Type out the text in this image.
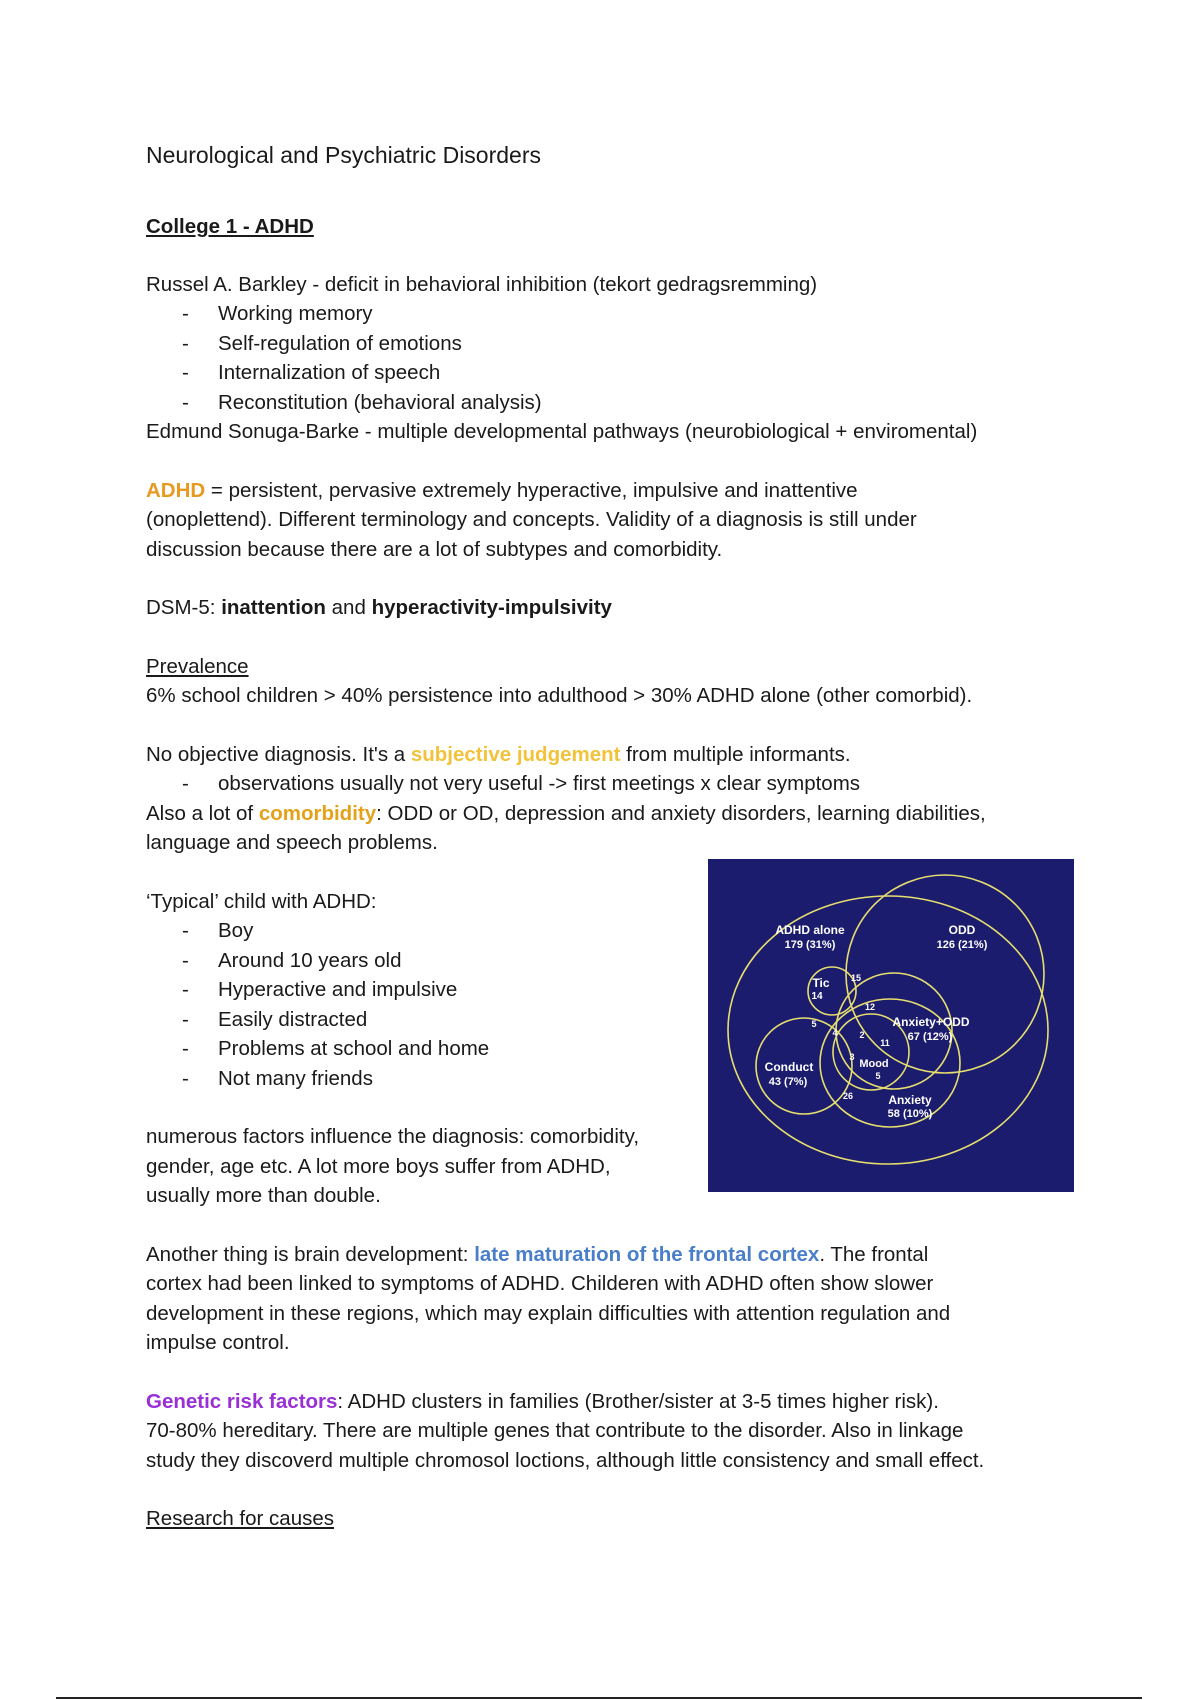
Neurological and Psychiatric Disorders
College 1 - ADHD
Russel A. Barkley - deficit in behavioral inhibition (tekort gedragsremming)
- Working memory
- Self-regulation of emotions
- Internalization of speech
- Reconstitution (behavioral analysis)
Edmund Sonuga-Barke - multiple developmental pathways (neurobiological + enviromental)
ADHD = persistent, pervasive extremely hyperactive, impulsive and inattentive
(onoplettend). Different terminology and concepts. Validity of a diagnosis is still under
discussion because there are a lot of subtypes and comorbidity.
DSM-5: inattention and hyperactivity-impulsivity
Prevalence
6% school children > 40% persistence into adulthood > 30% ADHD alone (other comorbid).
No objective diagnosis. It's a subjective judgement from multiple informants.
- observations usually not very useful -> first meetings x clear symptoms
Also a lot of comorbidity: ODD or OD, depression and anxiety disorders, learning diabilities,
language and speech problems.
‘Typical’ child with ADHD:
- Boy
- Around 10 years old
- Hyperactive and impulsive
- Easily distracted
- Problems at school and home
- Not many friends
numerous factors influence the diagnosis: comorbidity,
gender, age etc. A lot more boys suffer from ADHD,
usually more than double.
Another thing is brain development: late maturation of the frontal cortex. The frontal
cortex had been linked to symptoms of ADHD. Childeren with ADHD often show slower
development in these regions, which may explain difficulties with attention regulation and
impulse control.
Genetic risk factors: ADHD clusters in families (Brother/sister at 3-5 times higher risk).
70-80% hereditary. There are multiple genes that contribute to the disorder. Also in linkage
study they discoverd multiple chromosol loctions, although little consistency and small effect.
Research for causes
ADHD alone
179 (31%)
ODD
126 (21%)
Tic
14
15
12
5
4 2
11
3
Anxiety+ODD
67 (12%)
Conduct
43 (7%)
Mood
5
26	Anxiety
58 (10%)
